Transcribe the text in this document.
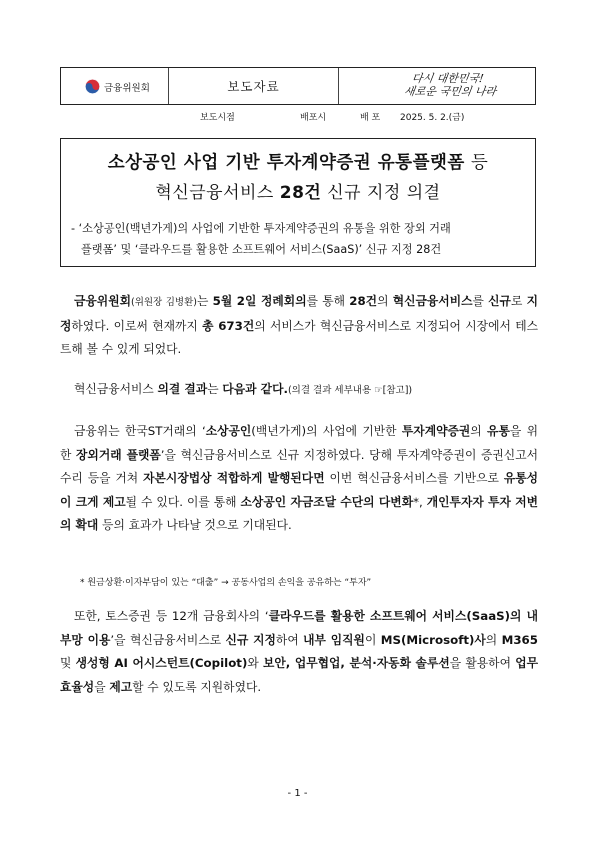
금융위원회	보도자료
다시 대한민국!
새로운 국민의 나라
보도시점	배포시	배 포 2025. 5. 2.(금)
소상공인 사업 기반 투자계약증권 유통플랫폼 등
혁신금융서비스 28건 신규 지정 의결
- ‘소상공인(백년가게)의 사업에 기반한 투자계약증권의 유통을 위한 장외 거래
플랫폼’ 및 ‘클라우드를 활용한 소프트웨어 서비스(SaaS)’ 신규 지정 28건
금융위원회(위원장 김병환)는 5월 2일 정례회의를 통해 28건의 혁신금융서비스를 신규로 지정하였다. 이로써 현재까지 총 673건의 서비스가 혁신금융서비스로 지정되어 시장에서 테스트해 볼 수 있게 되었다.
혁신금융서비스 의결 결과는 다음과 같다.(의결 결과 세부내용 ☞[참고])
금융위는 한국ST거래의 ‘소상공인(백년가게)의 사업에 기반한 투자계약증권의 유통을 위한 장외거래 플랫폼’을 혁신금융서비스로 신규 지정하였다. 당해 투자계약증권이 증권신고서 수리 등을 거쳐 자본시장법상 적합하게 발행된다면 이번 혁신금융서비스를 기반으로 유통성이 크게 제고될 수 있다. 이를 통해 소상공인 자금조달 수단의 다변화*, 개인투자자 투자 저변의 확대 등의 효과가 나타날 것으로 기대된다.
* 원금상환·이자부담이 있는 “대출” → 공동사업의 손익을 공유하는 “투자”
또한, 토스증권 등 12개 금융회사의 ‘클라우드를 활용한 소프트웨어 서비스(SaaS)의 내부망 이용’을 혁신금융서비스로 신규 지정하여 내부 임직원이 MS(Microsoft)사의 M365 및 생성형 AI 어시스턴트(Copilot)와 보안, 업무협업, 분석·자동화 솔루션을 활용하여 업무 효율성을 제고할 수 있도록 지원하였다.
- 1 -
